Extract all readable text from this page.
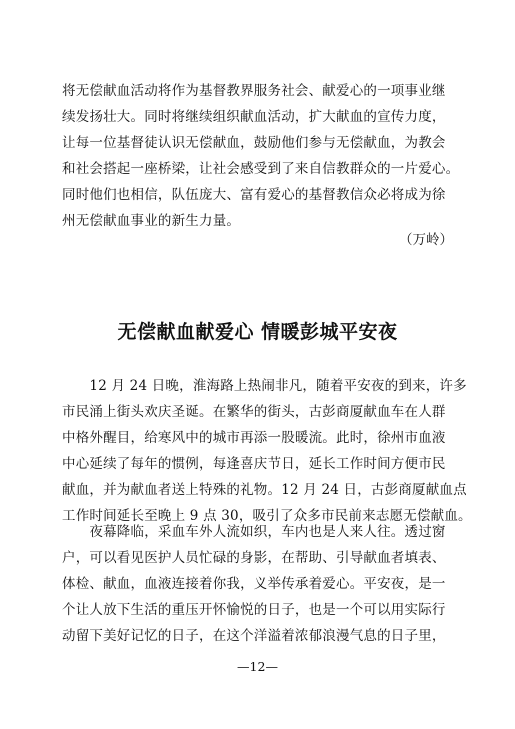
将无偿献血活动将作为基督教界服务社会、献爱心的一项事业继
续发扬壮大。同时将继续组织献血活动，扩大献血的宣传力度，
让每一位基督徒认识无偿献血，鼓励他们参与无偿献血，为教会
和社会搭起一座桥梁，让社会感受到了来自信教群众的一片爱心。
同时他们也相信，队伍庞大、富有爱心的基督教信众必将成为徐
州无偿献血事业的新生力量。
（万岭）
无偿献血献爱心 情暖彭城平安夜
　　12 月 24 日晚，淮海路上热闹非凡，随着平安夜的到来，许多
市民涌上街头欢庆圣诞。在繁华的街头，古彭商厦献血车在人群
中格外醒目，给寒风中的城市再添一股暖流。此时，徐州市血液
中心延续了每年的惯例，每逢喜庆节日，延长工作时间方便市民
献血，并为献血者送上特殊的礼物。12 月 24 日，古彭商厦献血点
工作时间延长至晚上 9 点 30，吸引了众多市民前来志愿无偿献血。
　　夜幕降临，采血车外人流如织，车内也是人来人往。透过窗
户，可以看见医护人员忙碌的身影，在帮助、引导献血者填表、
体检、献血，血液连接着你我，义举传承着爱心。平安夜，是一
个让人放下生活的重压开怀愉悦的日子，也是一个可以用实际行
动留下美好记忆的日子，在这个洋溢着浓郁浪漫气息的日子里，
—12—
